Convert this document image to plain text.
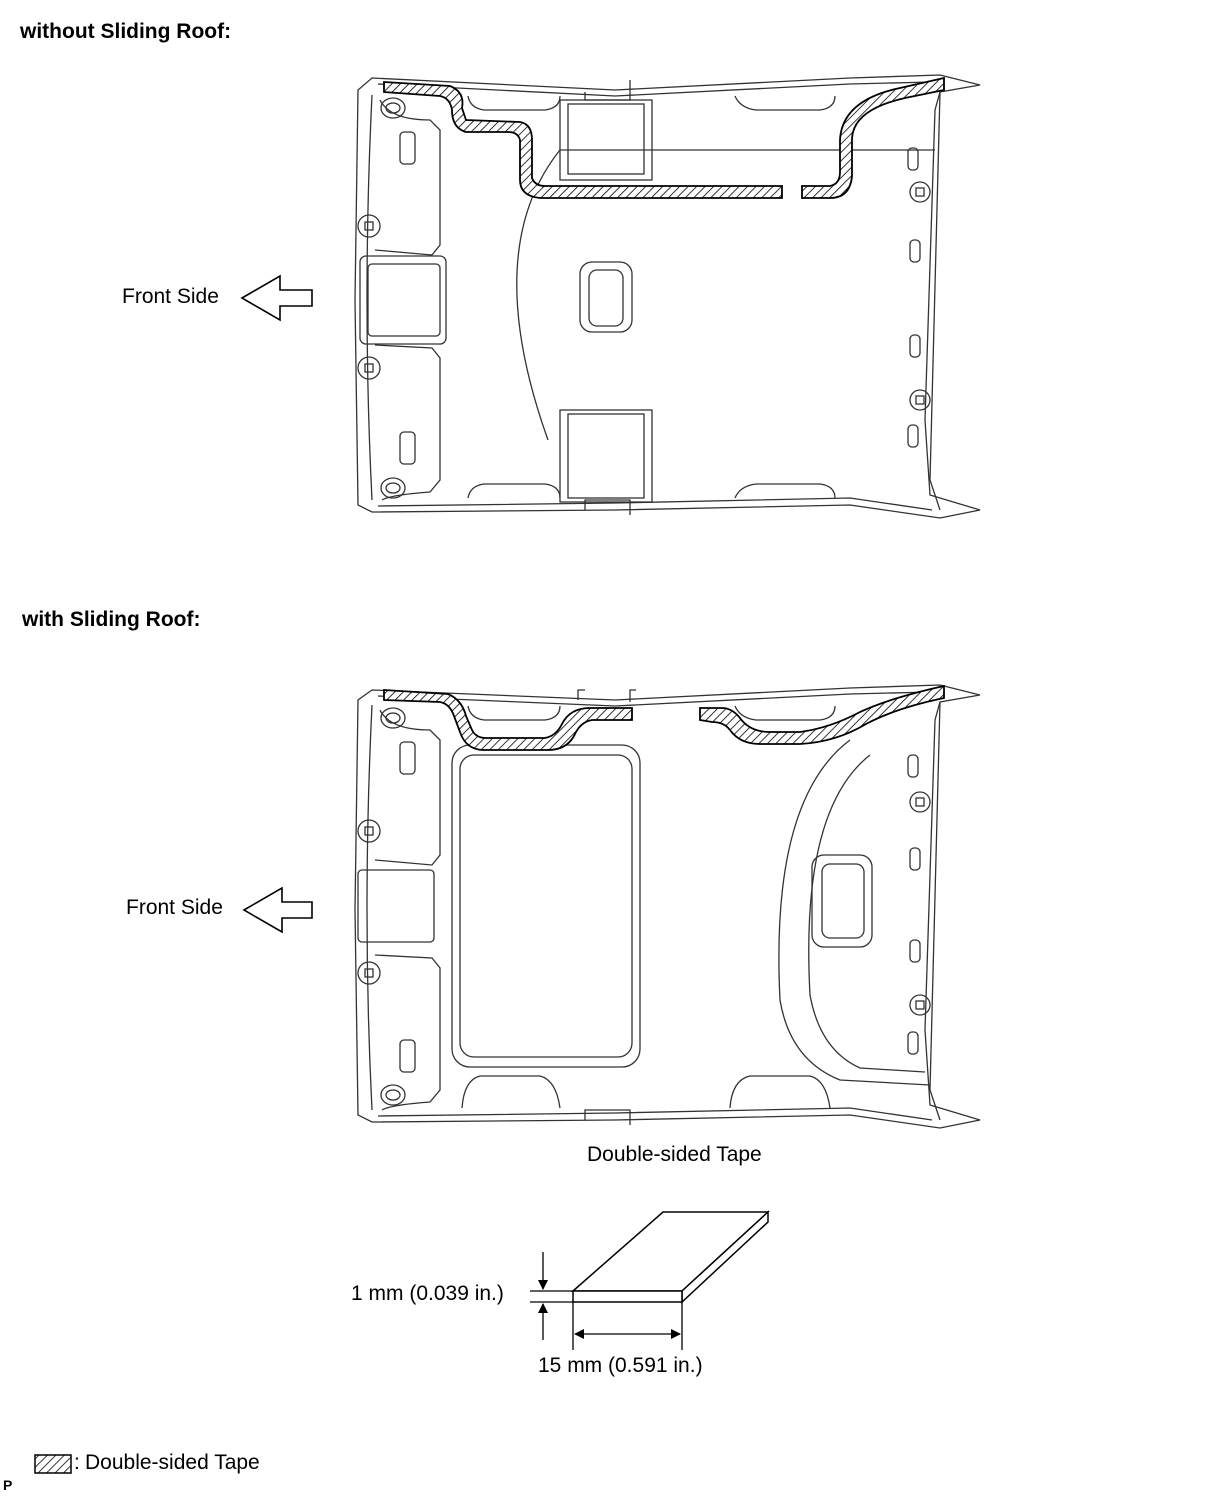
without Sliding Roof:
with Sliding Roof:
Front Side
Front Side
Double-sided Tape
1 mm (0.039 in.)
15 mm (0.591 in.)
: Double-sided Tape
P
